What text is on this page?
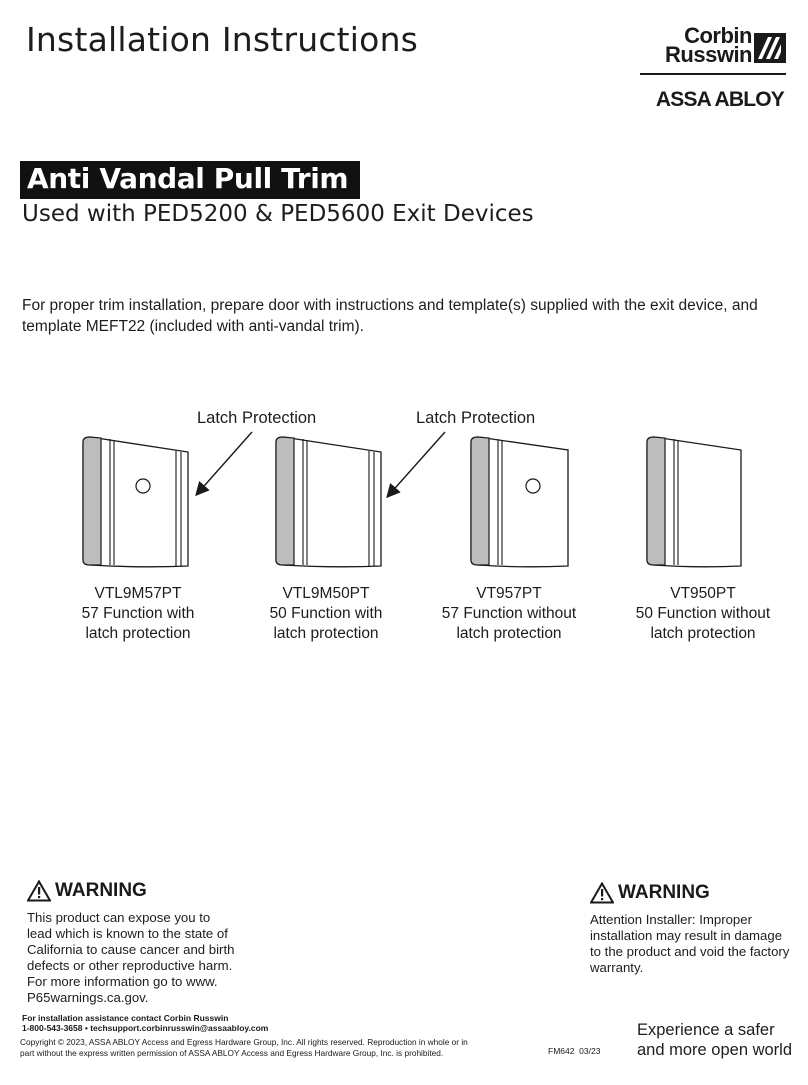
Installation Instructions	Corbin
Russwin
ASSA ABLOY
Anti Vandal Pull Trim
Used with PED5200 & PED5600 Exit Devices
For proper trim installation, prepare door with instructions and template(s) supplied with the exit device, and template MEFT22 (included with anti-vandal trim).
Latch Protection	Latch Protection
VTL9M57PT
57 Function with
latch protection
VTL9M50PT
50 Function with
latch protection
VT957PT
57 Function without
latch protection
VT950PT
50 Function without
latch protection
WARNING
This product can expose you to
lead which is known to the state of
California to cause cancer and birth
defects or other reproductive harm.
For more information go to www.
P65warnings.ca.gov.
WARNING
Attention Installer: Improper
installation may result in damage
to the product and void the factory
warranty.
For installation assistance contact Corbin Russwin
1-800-543-3658 • techsupport.corbinrusswin@assaabloy.com
Copyright © 2023, ASSA ABLOY Access and Egress Hardware Group, Inc. All rights reserved. Reproduction in whole or in
part without the express written permission of ASSA ABLOY Access and Egress Hardware Group, Inc. is prohibited.	FM642  03/23
Experience a safer
and more open world
